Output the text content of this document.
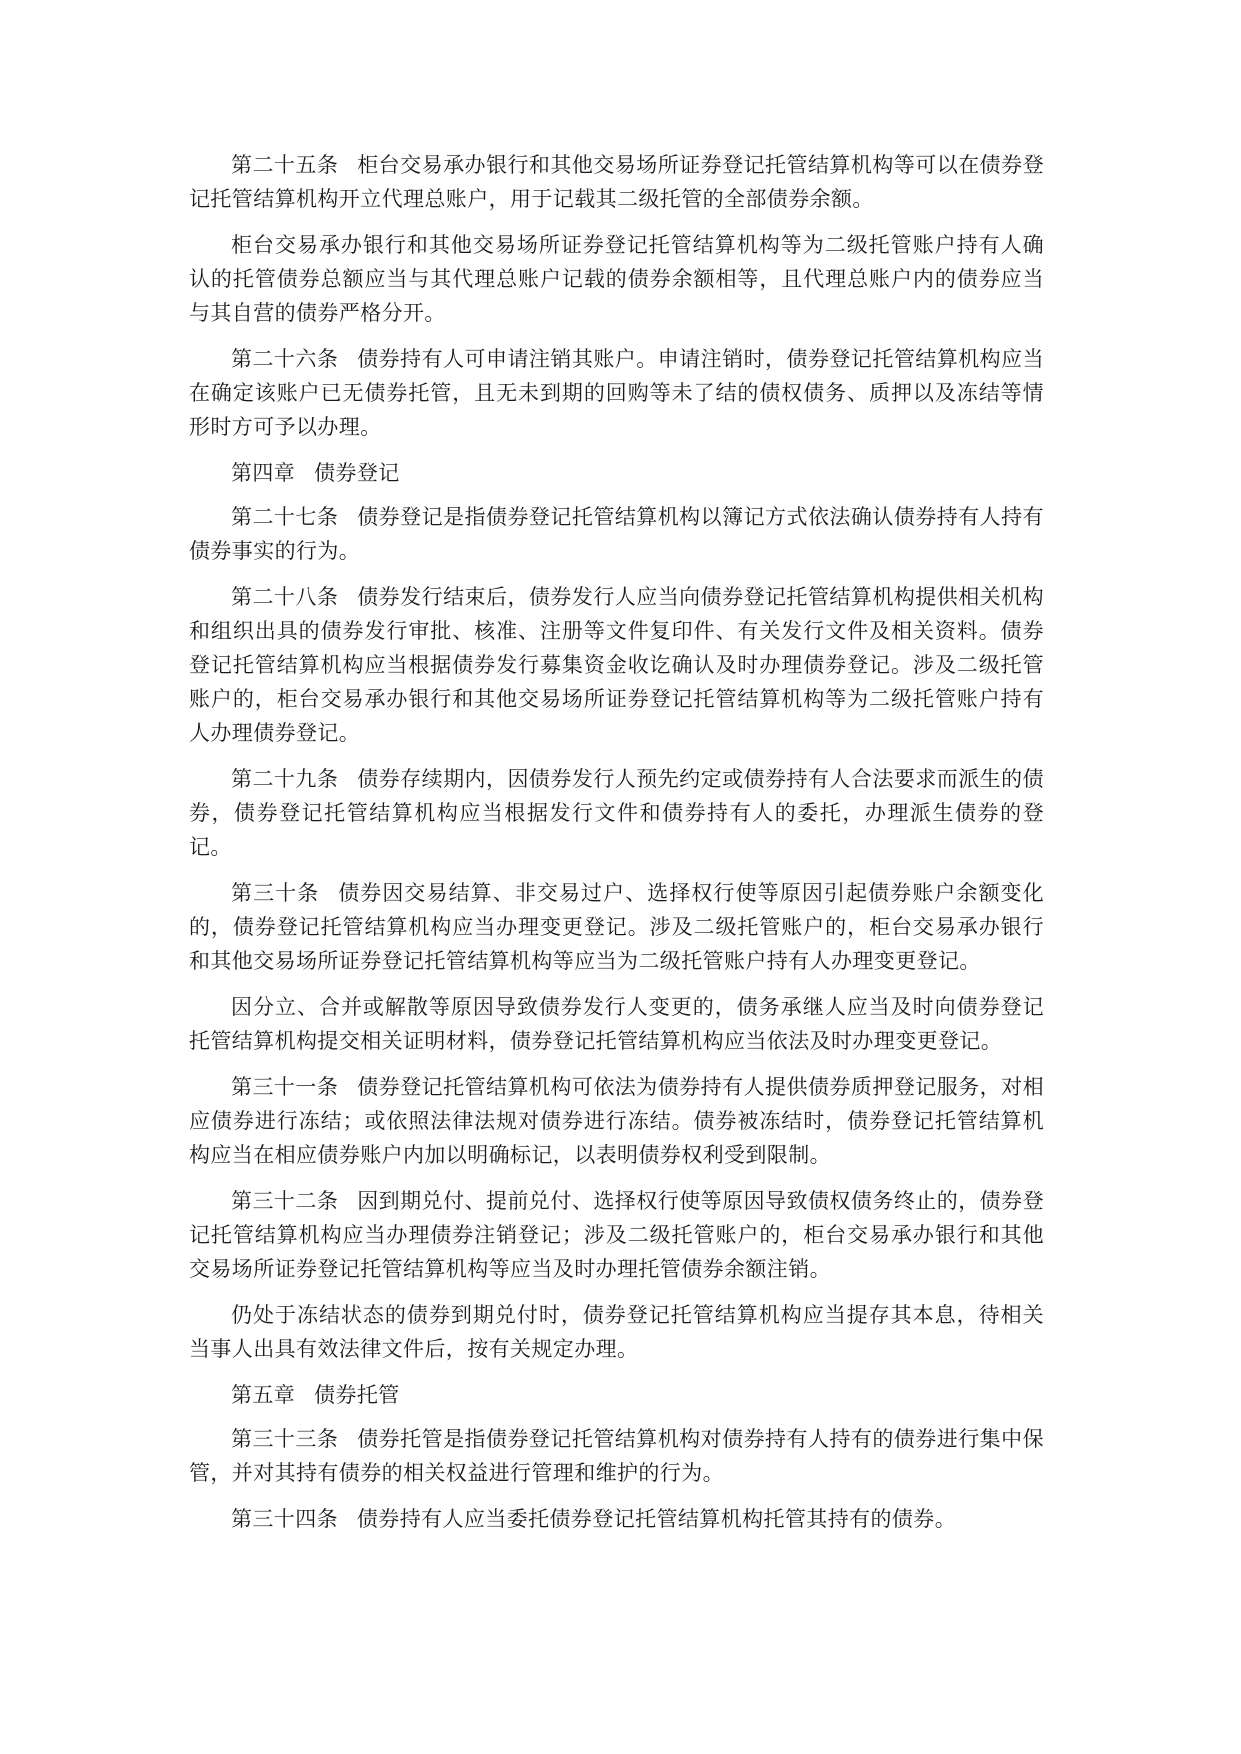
第二十五条 柜台交易承办银行和其他交易场所证券登记托管结算机构等可以在债券登记托管结算机构开立代理总账户，用于记载其二级托管的全部债券余额。

柜台交易承办银行和其他交易场所证券登记托管结算机构等为二级托管账户持有人确认的托管债券总额应当与其代理总账户记载的债券余额相等，且代理总账户内的债券应当与其自营的债券严格分开。

第二十六条 债券持有人可申请注销其账户。申请注销时，债券登记托管结算机构应当在确定该账户已无债券托管，且无未到期的回购等未了结的债权债务、质押以及冻结等情形时方可予以办理。

第四章 债券登记

第二十七条 债券登记是指债券登记托管结算机构以簿记方式依法确认债券持有人持有债券事实的行为。

第二十八条 债券发行结束后，债券发行人应当向债券登记托管结算机构提供相关机构和组织出具的债券发行审批、核准、注册等文件复印件、有关发行文件及相关资料。债券登记托管结算机构应当根据债券发行募集资金收讫确认及时办理债券登记。涉及二级托管账户的，柜台交易承办银行和其他交易场所证券登记托管结算机构等为二级托管账户持有人办理债券登记。

第二十九条 债券存续期内，因债券发行人预先约定或债券持有人合法要求而派生的债券，债券登记托管结算机构应当根据发行文件和债券持有人的委托，办理派生债券的登记。

第三十条 债券因交易结算、非交易过户、选择权行使等原因引起债券账户余额变化的，债券登记托管结算机构应当办理变更登记。涉及二级托管账户的，柜台交易承办银行和其他交易场所证券登记托管结算机构等应当为二级托管账户持有人办理变更登记。

因分立、合并或解散等原因导致债券发行人变更的，债务承继人应当及时向债券登记托管结算机构提交相关证明材料，债券登记托管结算机构应当依法及时办理变更登记。

第三十一条 债券登记托管结算机构可依法为债券持有人提供债券质押登记服务，对相应债券进行冻结；或依照法律法规对债券进行冻结。债券被冻结时，债券登记托管结算机构应当在相应债券账户内加以明确标记，以表明债券权利受到限制。

第三十二条 因到期兑付、提前兑付、选择权行使等原因导致债权债务终止的，债券登记托管结算机构应当办理债券注销登记；涉及二级托管账户的，柜台交易承办银行和其他交易场所证券登记托管结算机构等应当及时办理托管债券余额注销。

仍处于冻结状态的债券到期兑付时，债券登记托管结算机构应当提存其本息，待相关当事人出具有效法律文件后，按有关规定办理。

第五章 债券托管

第三十三条 债券托管是指债券登记托管结算机构对债券持有人持有的债券进行集中保管，并对其持有债券的相关权益进行管理和维护的行为。

第三十四条 债券持有人应当委托债券登记托管结算机构托管其持有的债券。
